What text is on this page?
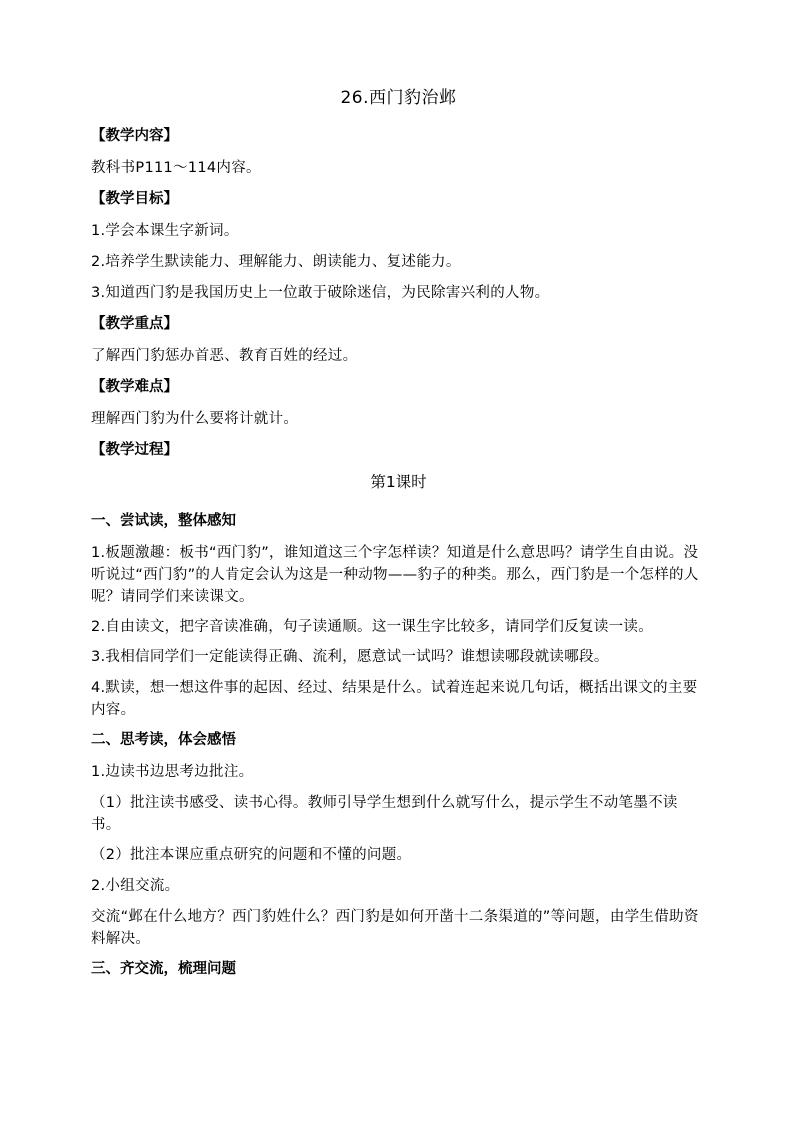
26.西门豹治邺
【教学内容】
教科书P111～114内容。
【教学目标】
1.学会本课生字新词。
2.培养学生默读能力、理解能力、朗读能力、复述能力。
3.知道西门豹是我国历史上一位敢于破除迷信，为民除害兴利的人物。
【教学重点】
了解西门豹惩办首恶、教育百姓的经过。
【教学难点】
理解西门豹为什么要将计就计。
【教学过程】
第1课时
一、尝试读，整体感知
1.板题激趣：板书“西门豹”，谁知道这三个字怎样读？知道是什么意思吗？请学生自由说。没听说过“西门豹”的人肯定会认为这是一种动物——豹子的种类。那么，西门豹是一个怎样的人呢？请同学们来读课文。
2.自由读文，把字音读准确，句子读通顺。这一课生字比较多，请同学们反复读一读。
3.我相信同学们一定能读得正确、流利，愿意试一试吗？谁想读哪段就读哪段。
4.默读，想一想这件事的起因、经过、结果是什么。试着连起来说几句话，概括出课文的主要内容。
二、思考读，体会感悟
1.边读书边思考边批注。
（1）批注读书感受、读书心得。教师引导学生想到什么就写什么，提示学生不动笔墨不读书。
（2）批注本课应重点研究的问题和不懂的问题。
2.小组交流。
交流“邺在什么地方？西门豹姓什么？西门豹是如何开凿十二条渠道的”等问题，由学生借助资料解决。
三、齐交流，梳理问题
